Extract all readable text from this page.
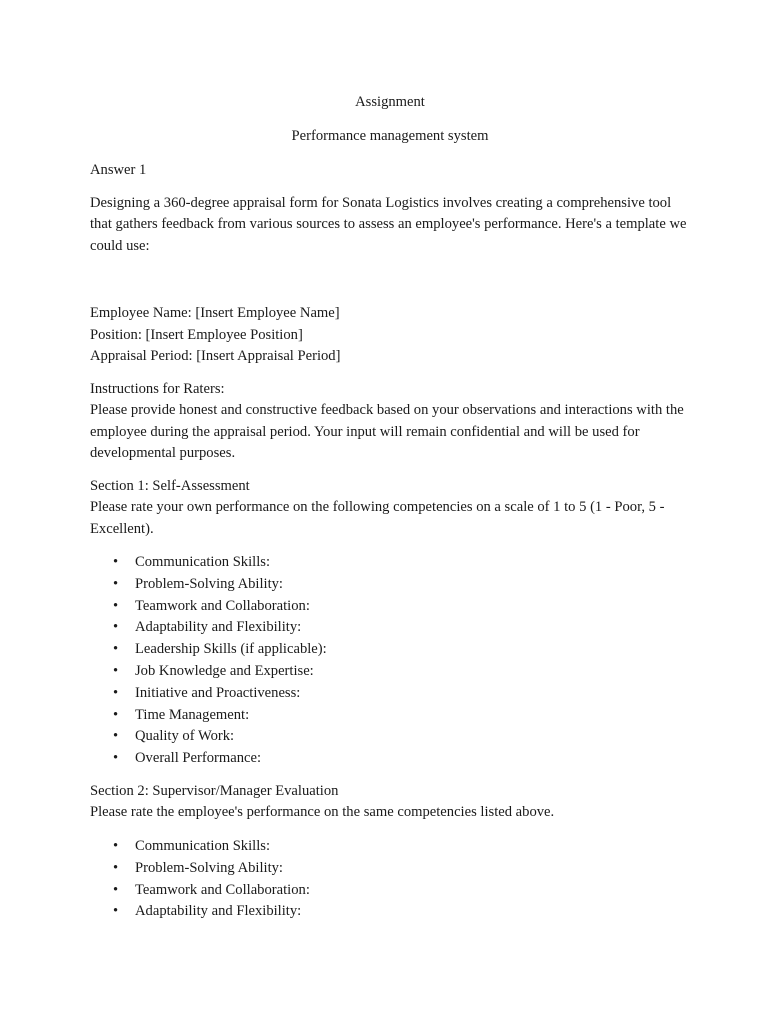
Assignment

Performance management system

Answer 1

Designing a 360-degree appraisal form for Sonata Logistics involves creating a comprehensive tool that gathers feedback from various sources to assess an employee's performance. Here's a template we could use:

Employee Name: [Insert Employee Name]
Position: [Insert Employee Position]
Appraisal Period: [Insert Appraisal Period]
Instructions for Raters:
Please provide honest and constructive feedback based on your observations and interactions with the employee during the appraisal period. Your input will remain confidential and will be used for developmental purposes.
Section 1: Self-Assessment
Please rate your own performance on the following competencies on a scale of 1 to 5 (1 - Poor, 5 - Excellent).
• Communication Skills:
• Problem-Solving Ability:
• Teamwork and Collaboration:
• Adaptability and Flexibility:
• Leadership Skills (if applicable):
• Job Knowledge and Expertise:
• Initiative and Proactiveness:
• Time Management:
• Quality of Work:
• Overall Performance:
Section 2: Supervisor/Manager Evaluation
Please rate the employee's performance on the same competencies listed above.
• Communication Skills:
• Problem-Solving Ability:
• Teamwork and Collaboration:
• Adaptability and Flexibility:
